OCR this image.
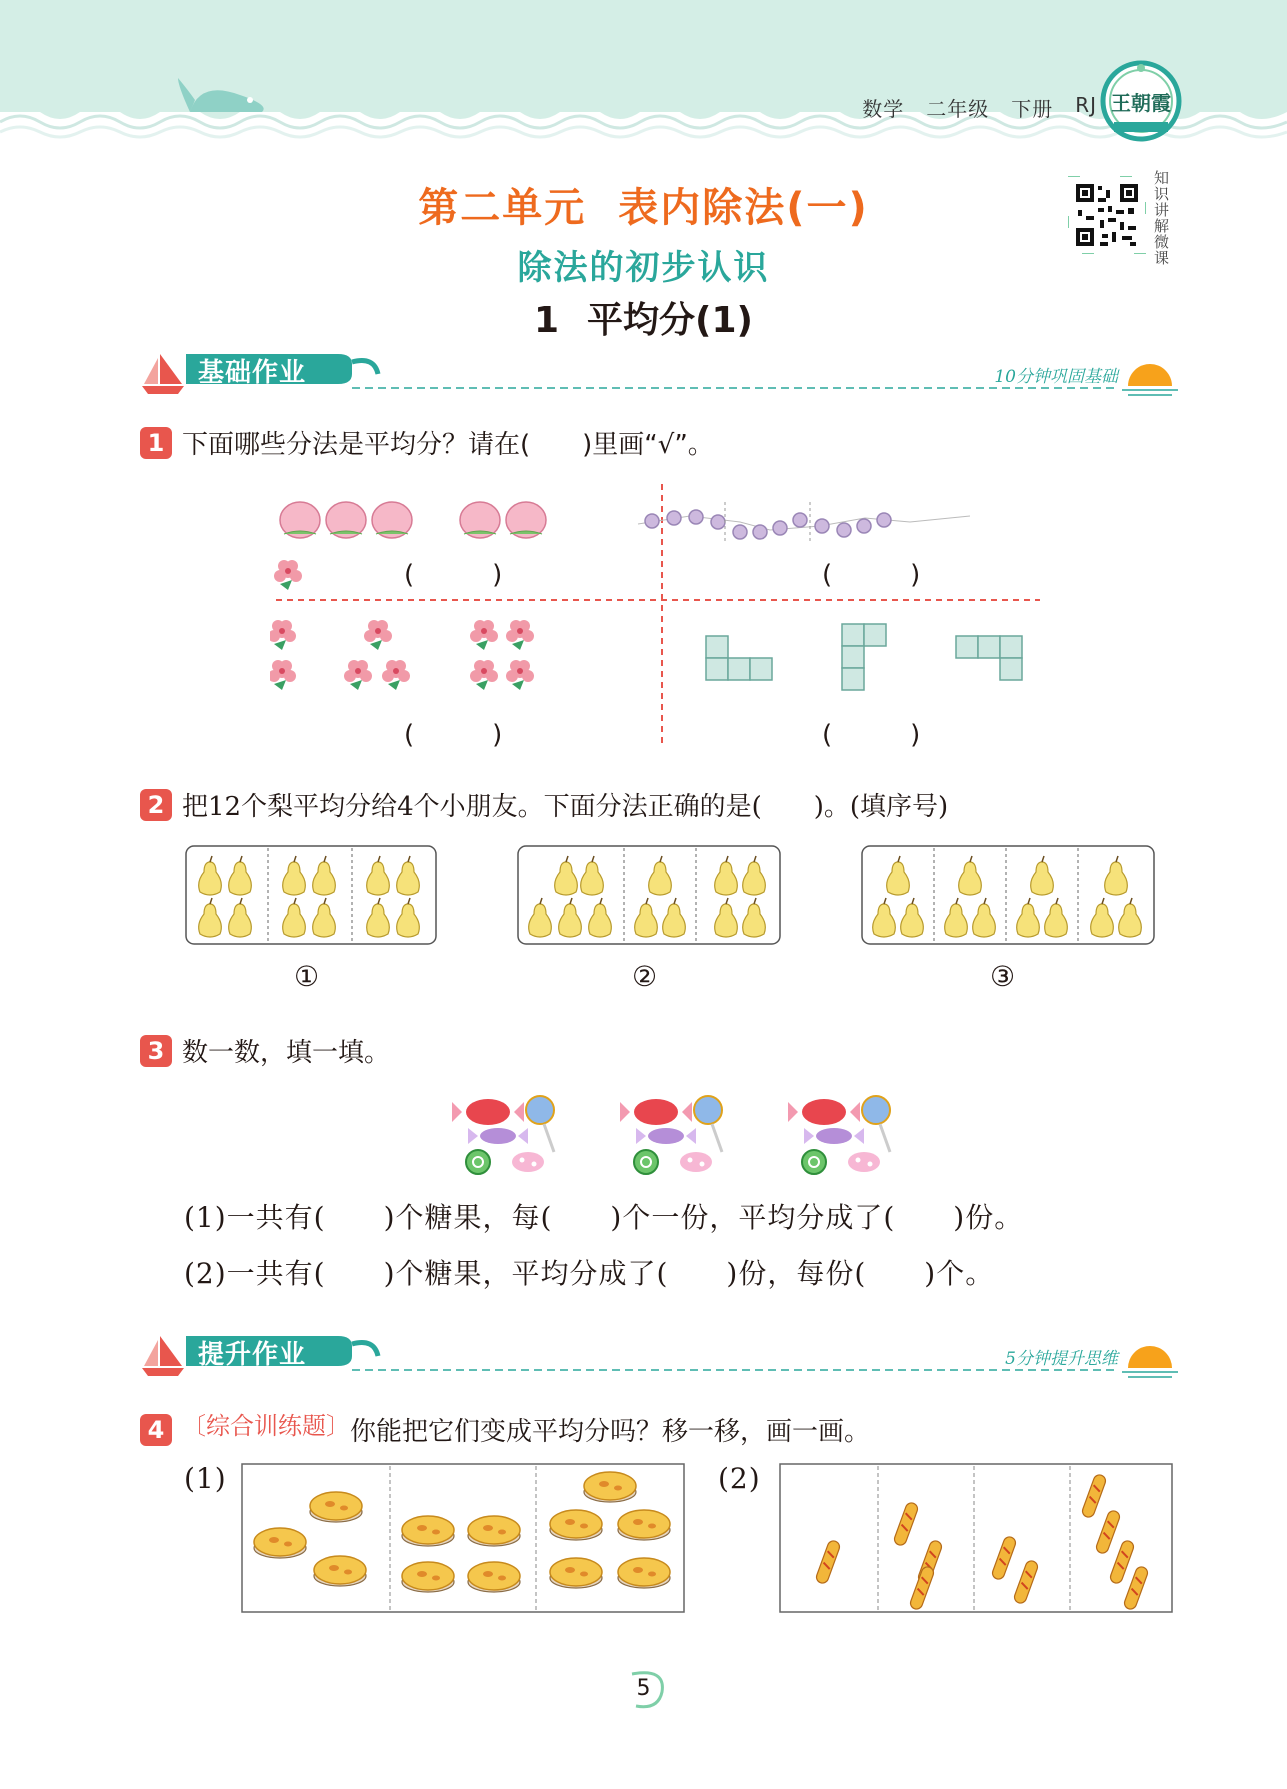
数学 二年级 下册 RJ 王朝霞
第二单元 表内除法(一)
除法的初步认识
1 平均分(1)
知识讲解微课
基础作业	10分钟巩固基础
1 下面哪些分法是平均分？请在(　　)里画“√”。
(　　　)	(　　　)
(　　　)	(　　　)
2 把12个梨平均分给4个小朋友。下面分法正确的是(　　)。(填序号)
①	②	③
3 数一数，填一填。
(1)一共有(　　)个糖果，每(　　)个一份，平均分成了(　　)份。
(2)一共有(　　)个糖果，平均分成了(　　)份，每份(　　)个。
提升作业	5分钟提升思维
4 〔综合训练题〕你能把它们变成平均分吗？移一移，画一画。
(1)	(2)
5
